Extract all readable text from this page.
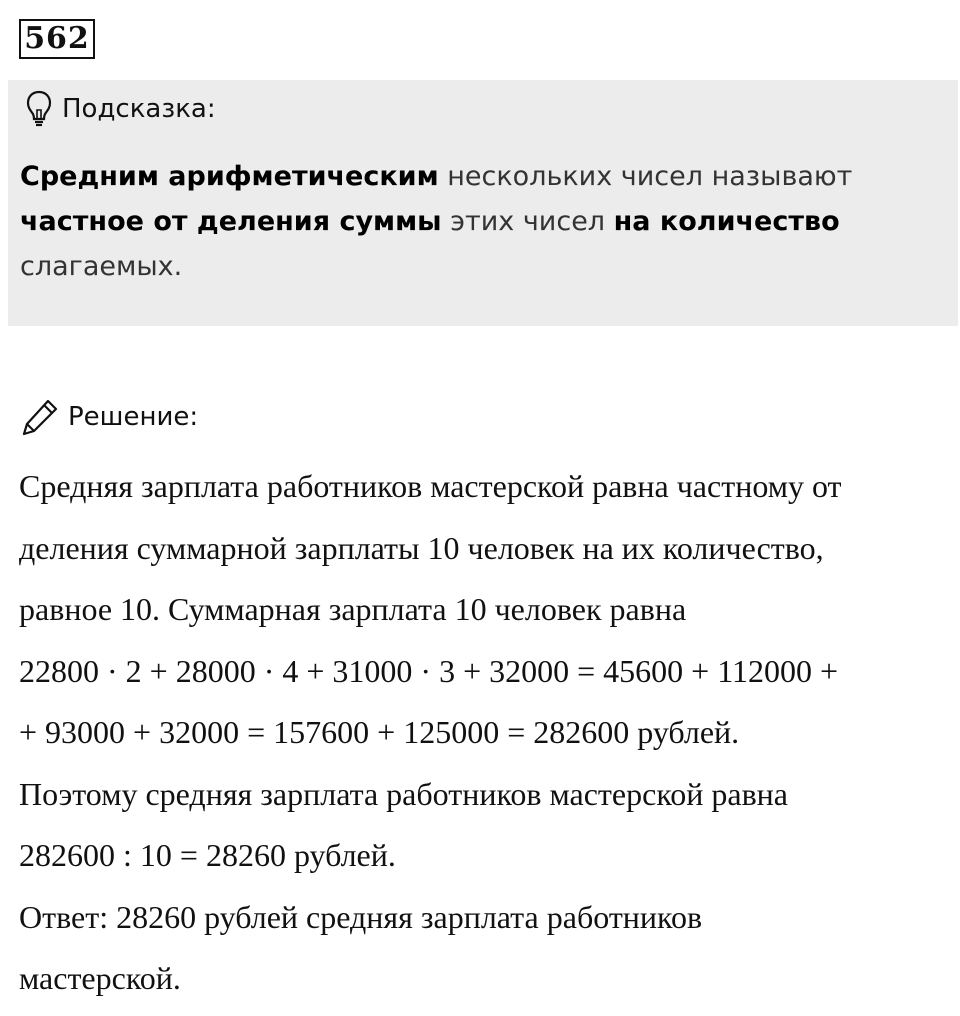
562
Подсказка:
Средним арифметическим нескольких чисел называют
частное от деления суммы этих чисел на количество
слагаемых.
Решение:
Средняя зарплата работников мастерской равна частному от
деления суммарной зарплаты 10 человек на их количество,
равное 10. Суммарная зарплата 10 человек равна
22800 · 2 + 28000 · 4 + 31000 · 3 + 32000 = 45600 + 112000 +
+ 93000 + 32000 = 157600 + 125000 = 282600 рублей.
Поэтому средняя зарплата работников мастерской равна
282600 : 10 = 28260 рублей.
Ответ: 28260 рублей средняя зарплата работников
мастерской.
